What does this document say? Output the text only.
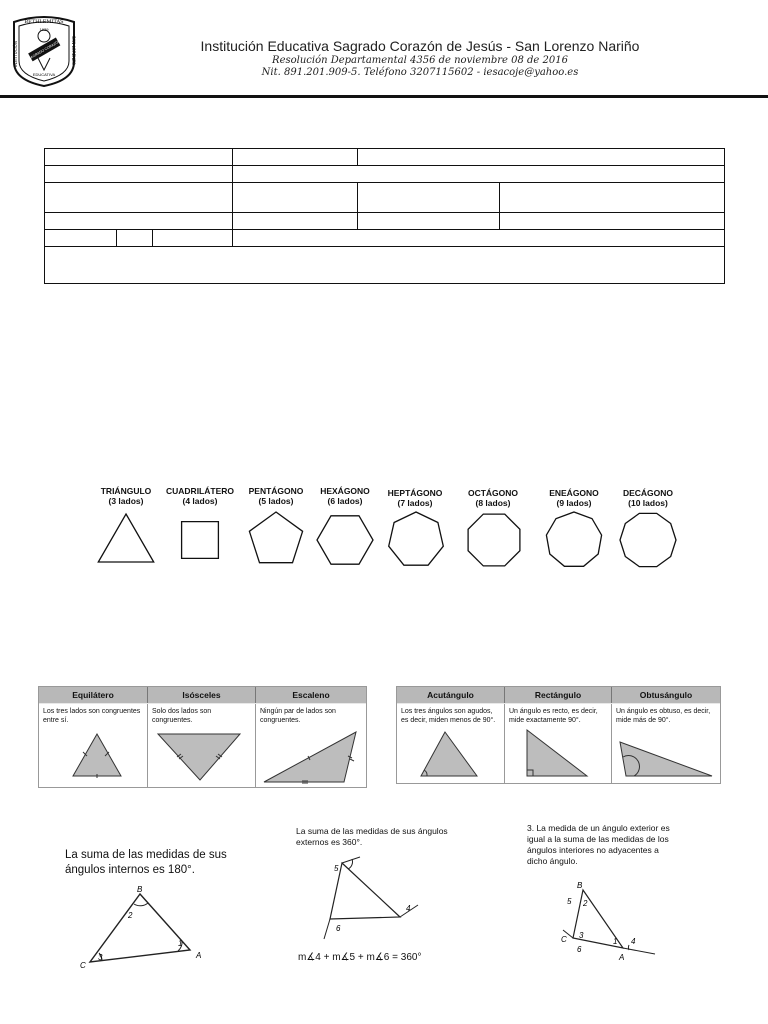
BETHLEMITAS
INSTITUCIÓN	SAN LORENZO
1939
SAGRADO CORAZÓN
EDUCATIVA
Institución Educativa Sagrado Corazón de Jesús - San Lorenzo Nariño
Resolución Departamental 4356 de noviembre 08 de 2016
Nit. 891.201.909-5. Teléfono 3207115602 - iesacoje@yahoo.es

TRIÁNGULO
(3 lados)
CUADRILÁTERO
(4 lados)
PENTÁGONO
(5 lados)
HEXÁGONO
(6 lados)
HEPTÁGONO
(7 lados)
OCTÁGONO
(8 lados)
ENEÁGONO
(9 lados)
DECÁGONO
(10 lados)
Equilátero	Isósceles	Escaleno
Los tres lados son congruentes entre sí.
Solo dos lados son congruentes.
Ningún par de lados son congruentes.
Acutángulo	Rectángulo	Obtusángulo
Los tres ángulos son agudos, es decir, miden menos de 90°.
Un ángulo es recto, es decir, mide exactamente 90°.
Un ángulo es obtuso, es decir, mide más de 90°.
La suma de las medidas de sus ángulos internos es 180°.
B
A
C
2
1
3
La suma de las medidas de sus ángulos externos es 360°.
5
4
6
m∡4 + m∡5 + m∡6 = 360°
3. La medida de un ángulo exterior es igual a la suma de las medidas de los ángulos interiores no adyacentes a dicho ángulo.
B
A
C
2
5
1 4
3
6
